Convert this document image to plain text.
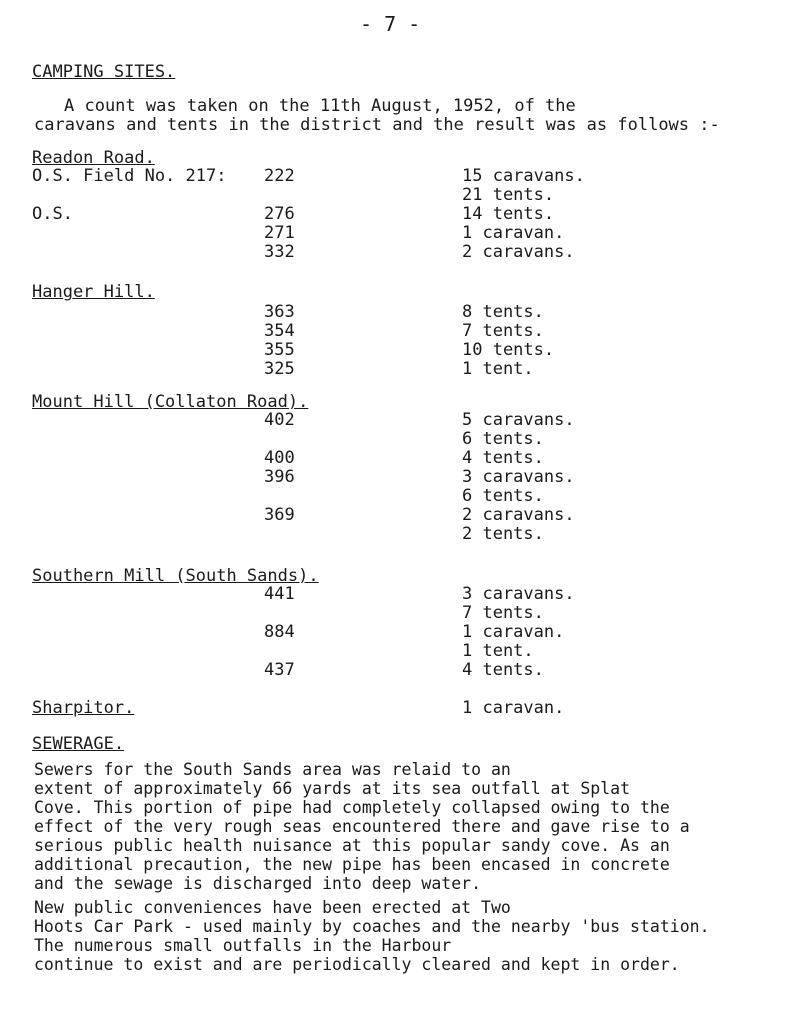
- 7 -
CAMPING SITES.
A count was taken on the 11th August, 1952, of the
caravans and tents in the district and the result was as follows :-
Readon Road.
O.S. Field No. 217:
O.S.
222
276
271
332
15 caravans.
21 tents.
14 tents.
1 caravan.
2 caravans.
Hanger Hill.
363
354
355
325
8 tents.
7 tents.
10 tents.
1 tent.
Mount Hill (Collaton Road).
402
400
396
369
5 caravans.
6 tents.
4 tents.
3 caravans.
6 tents.
2 caravans.
2 tents.
Southern Mill (South Sands).
441
884
437
3 caravans.
7 tents.
1 caravan.
1 tent.
4 tents.
Sharpitor.	1 caravan.
SEWERAGE.
Sewers for the South Sands area was relaid to an
extent of approximately 66 yards at its sea outfall at Splat
Cove. This portion of pipe had completely collapsed owing to the
effect of the very rough seas encountered there and gave rise to a
serious public health nuisance at this popular sandy cove. As an
additional precaution, the new pipe has been encased in concrete
and the sewage is discharged into deep water.
New public conveniences have been erected at Two
Hoots Car Park - used mainly by coaches and the nearby 'bus station.
The numerous small outfalls in the Harbour
continue to exist and are periodically cleared and kept in order.
